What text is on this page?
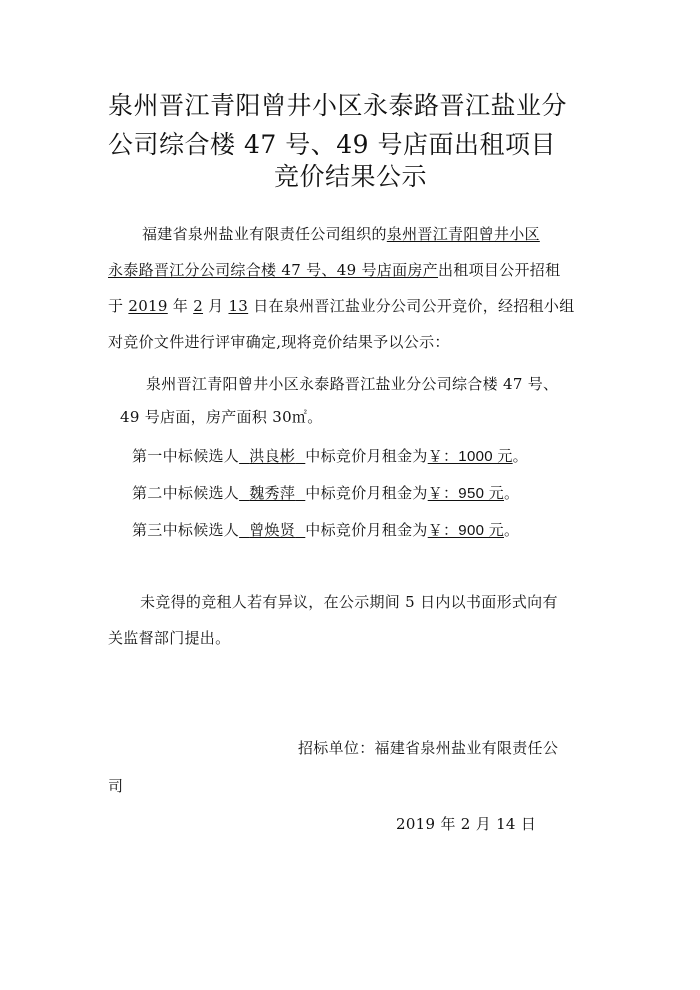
泉州晋江青阳曾井小区永泰路晋江盐业分
公司综合楼 47 号、49 号店面出租项目
竞价结果公示
福建省泉州盐业有限责任公司组织的泉州晋江青阳曾井小区
永泰路晋江分公司综合楼 47 号、49 号店面房产出租项目公开招租
于 2019 年 2 月 13 日在泉州晋江盐业分公司公开竞价，经招租小组
对竞价文件进行评审确定,现将竞价结果予以公示：
泉州晋江青阳曾井小区永泰路晋江盐业分公司综合楼 47 号、
49 号店面，房产面积 30㎡。
第一中标候选人 洪良彬 中标竞价月租金为￥：1000 元。
第二中标候选人 魏秀萍 中标竞价月租金为￥：950 元。
第三中标候选人 曾焕贤 中标竞价月租金为￥：900 元。
未竞得的竞租人若有异议，在公示期间 5 日内以书面形式向有
关监督部门提出。
招标单位：福建省泉州盐业有限责任公
司
2019 年 2 月 14 日
